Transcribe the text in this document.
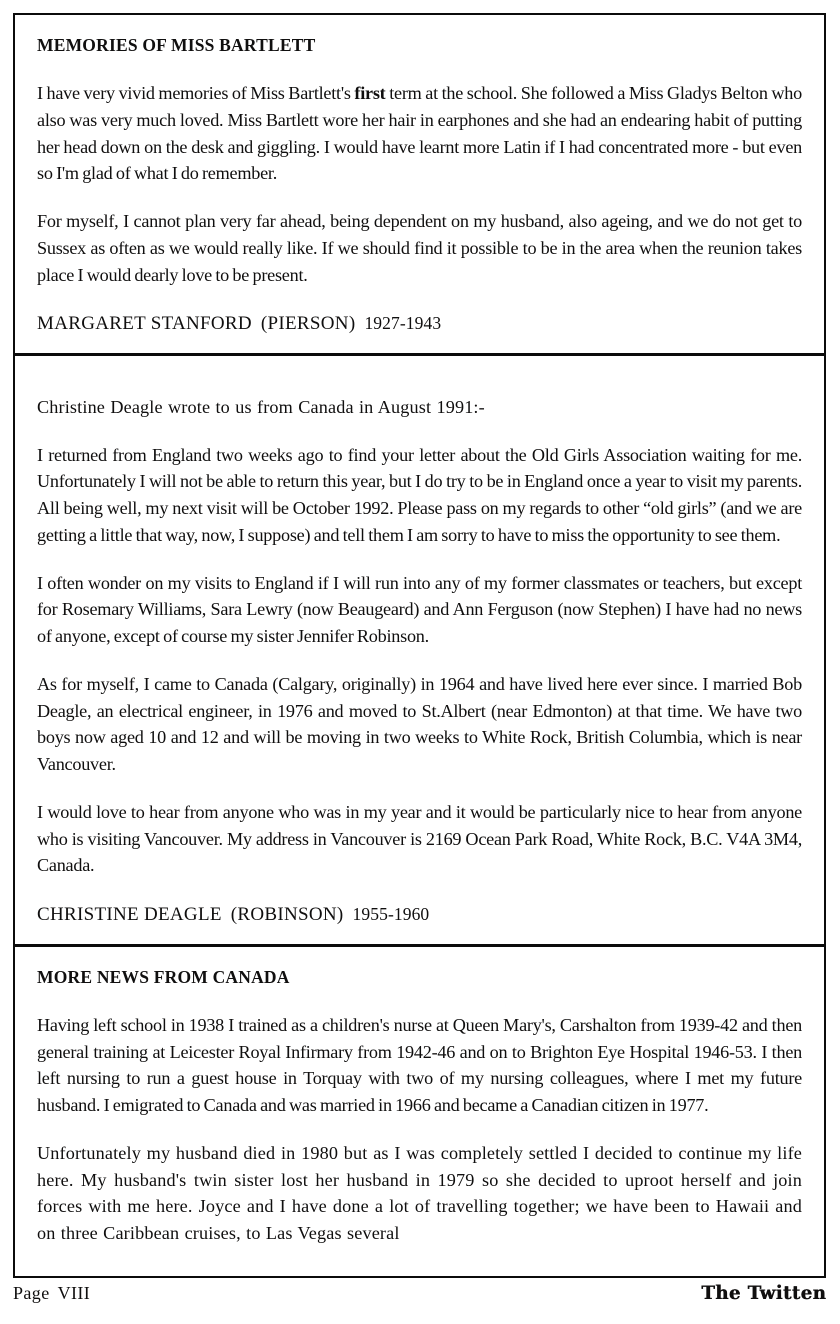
MEMORIES OF MISS BARTLETT

I have very vivid memories of Miss Bartlett's first term at the school. She followed a Miss Gladys Belton who also was very much loved. Miss Bartlett wore her hair in earphones and she had an endearing habit of putting her head down on the desk and giggling. I would have learnt more Latin if I had concentrated more - but even so I'm glad of what I do remember.

For myself, I cannot plan very far ahead, being dependent on my husband, also ageing, and we do not get to Sussex as often as we would really like. If we should find it possible to be in the area when the reunion takes place I would dearly love to be present.

MARGARET STANFORD (PIERSON) 1927-1943

Christine Deagle wrote to us from Canada in August 1991:-

I returned from England two weeks ago to find your letter about the Old Girls Association waiting for me. Unfortunately I will not be able to return this year, but I do try to be in England once a year to visit my parents. All being well, my next visit will be October 1992. Please pass on my regards to other “old girls” (and we are getting a little that way, now, I suppose) and tell them I am sorry to have to miss the opportunity to see them.

I often wonder on my visits to England if I will run into any of my former classmates or teachers, but except for Rosemary Williams, Sara Lewry (now Beaugeard) and Ann Ferguson (now Stephen) I have had no news of anyone, except of course my sister Jennifer Robinson.

As for myself, I came to Canada (Calgary, originally) in 1964 and have lived here ever since. I married Bob Deagle, an electrical engineer, in 1976 and moved to St.Albert (near Edmonton) at that time. We have two boys now aged 10 and 12 and will be moving in two weeks to White Rock, British Columbia, which is near Vancouver.

I would love to hear from anyone who was in my year and it would be particularly nice to hear from anyone who is visiting Vancouver. My address in Vancouver is 2169 Ocean Park Road, White Rock, B.C. V4A 3M4, Canada.

CHRISTINE DEAGLE (ROBINSON) 1955-1960
MORE NEWS FROM CANADA

Having left school in 1938 I trained as a children's nurse at Queen Mary's, Carshalton from 1939-42 and then general training at Leicester Royal Infirmary from 1942-46 and on to Brighton Eye Hospital 1946-53. I then left nursing to run a guest house in Torquay with two of my nursing colleagues, where I met my future husband. I emigrated to Canada and was married in 1966 and became a Canadian citizen in 1977.

Unfortunately my husband died in 1980 but as I was completely settled I decided to continue my life here. My husband's twin sister lost her husband in 1979 so she decided to uproot herself and join forces with me here. Joyce and I have done a lot of travelling together; we have been to Hawaii and on three Caribbean cruises, to Las Vegas several

Page VIII	The Twitten
